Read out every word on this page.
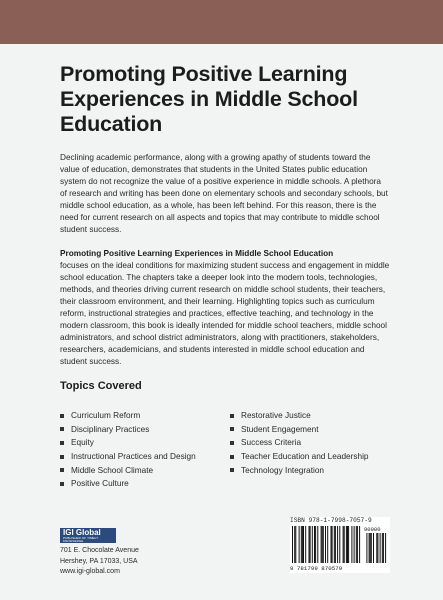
Promoting Positive Learning Experiences in Middle School Education

Declining academic performance, along with a growing apathy of students toward the value of education, demonstrates that students in the United States public education system do not recognize the value of a positive experience in middle schools. A plethora of research and writing has been done on elementary schools and secondary schools, but middle school education, as a whole, has been left behind. For this reason, there is the need for current research on all aspects and topics that may contribute to middle school student success.

Promoting Positive Learning Experiences in Middle School Education
focuses on the ideal conditions for maximizing student success and engagement in middle school education. The chapters take a deeper look into the modern tools, technologies, methods, and theories driving current research on middle school students, their teachers, their classroom environment, and their learning. Highlighting topics such as curriculum reform, instructional strategies and practices, effective teaching, and technology in the modern classroom, this book is ideally intended for middle school teachers, middle school administrators, and school district administrators, along with practitioners, stakeholders, researchers, academicians, and students interested in middle school education and student success.

Topics Covered
Curriculum Reform
Disciplinary Practices
Equity
Instructional Practices and Design
Middle School Climate
Positive Culture
Restorative Justice
Student Engagement
Success Criteria
Teacher Education and Leadership
Technology Integration
IGI Global
PUBLISHER OF TIMELY KNOWLEDGE
701 E. Chocolate Avenue
Hershey, PA 17033, USA
www.igi-global.com
ISBN 978-1-7998-7057-9
90000
9 781799 870579
